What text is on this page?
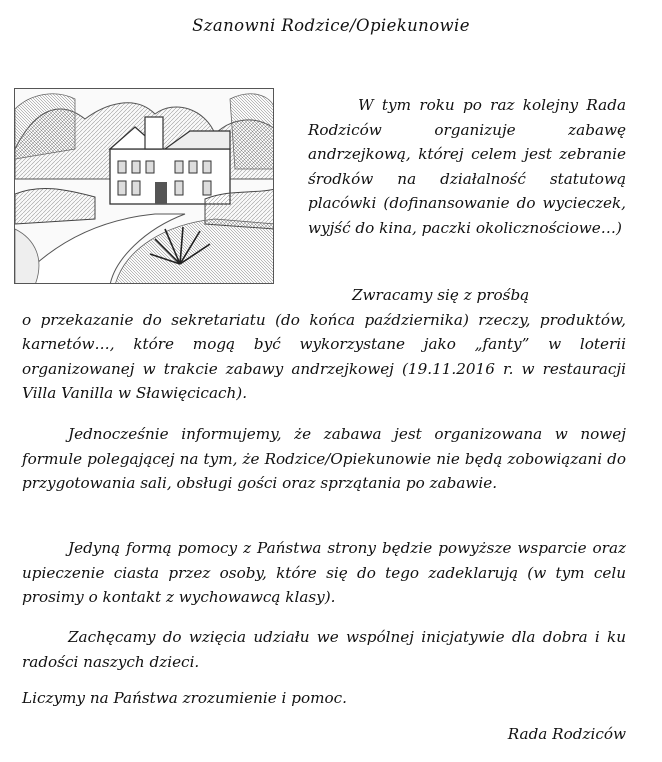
Szanowni Rodzice/Opiekunowie

W tym roku po raz kolejny Rada Rodziców organizuje zabawę andrzejkową, której celem jest zebranie środków na działalność statutową placówki (dofinansowanie do wycieczek, wyjść do kina, paczki okolicznościowe…)

Zwracamy się z prośbą
o przekazanie do sekretariatu (do końca października) rzeczy, produktów, karnetów…, które mogą być wykorzystane jako „fanty” w loterii organizowanej w trakcie zabawy andrzejkowej (19.11.2016 r. w restauracji Villa Vanilla w Sławięcicach).

Jednocześnie informujemy, że zabawa jest organizowana w nowej formule polegającej na tym, że Rodzice/Opiekunowie nie będą zobowiązani do przygotowania sali, obsługi gości oraz sprzątania po zabawie.

Jedyną formą pomocy z Państwa strony będzie powyższe wsparcie oraz upieczenie ciasta przez osoby, które się do tego zadeklarują (w tym celu prosimy o kontakt z wychowawcą klasy).

Zachęcamy do wzięcia udziału we wspólnej inicjatywie dla dobra i ku radości naszych dzieci.

Liczymy na Państwa zrozumienie i pomoc.

Rada Rodziców
